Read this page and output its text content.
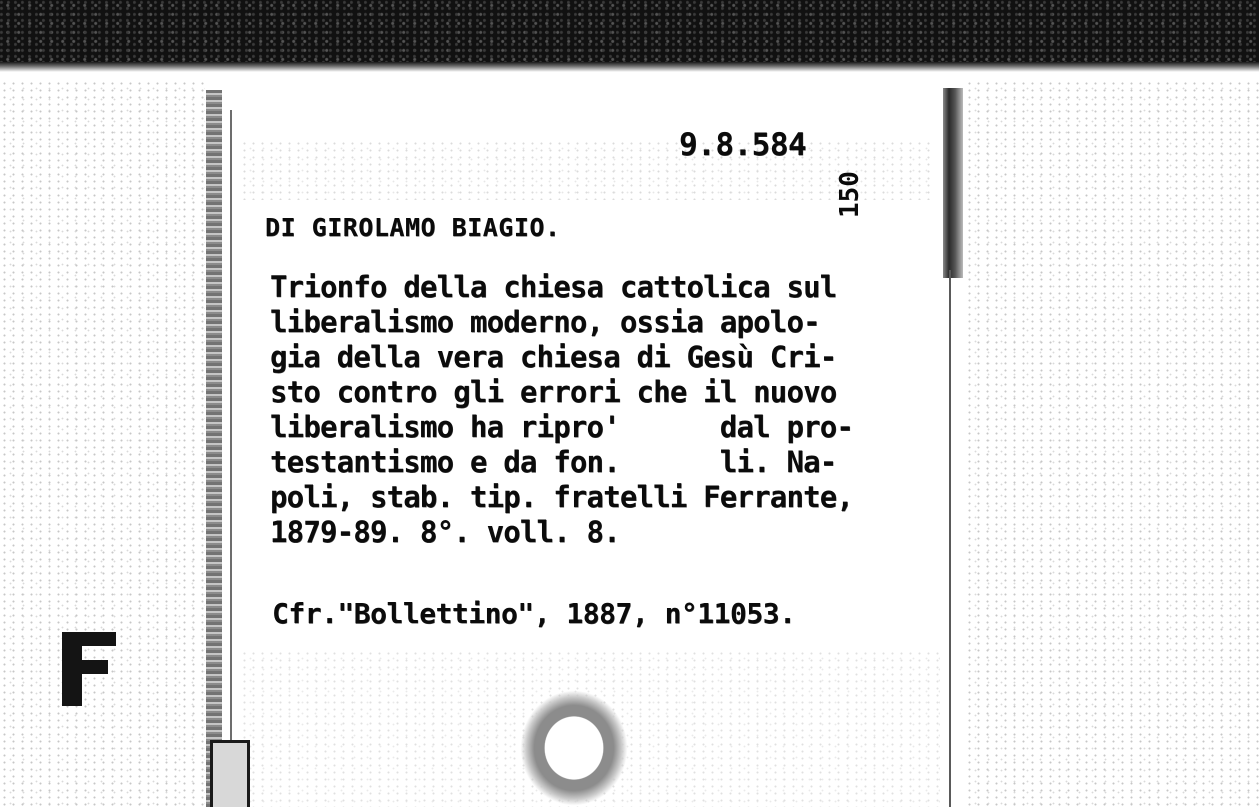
9.8.584
150
DI GIROLAMO BIAGIO.
Trionfo della chiesa cattolica sul
liberalismo moderno, ossia apolo-
gia della vera chiesa di Gesù Cri-
sto contro gli errori che il nuovo
liberalismo ha ripro'      dal pro-
testantismo e da fon.      li. Na-
poli, stab. tip. fratelli Ferrante,
1879-89. 8°. voll. 8.
Cfr."Bollettino", 1887, n°11053.
